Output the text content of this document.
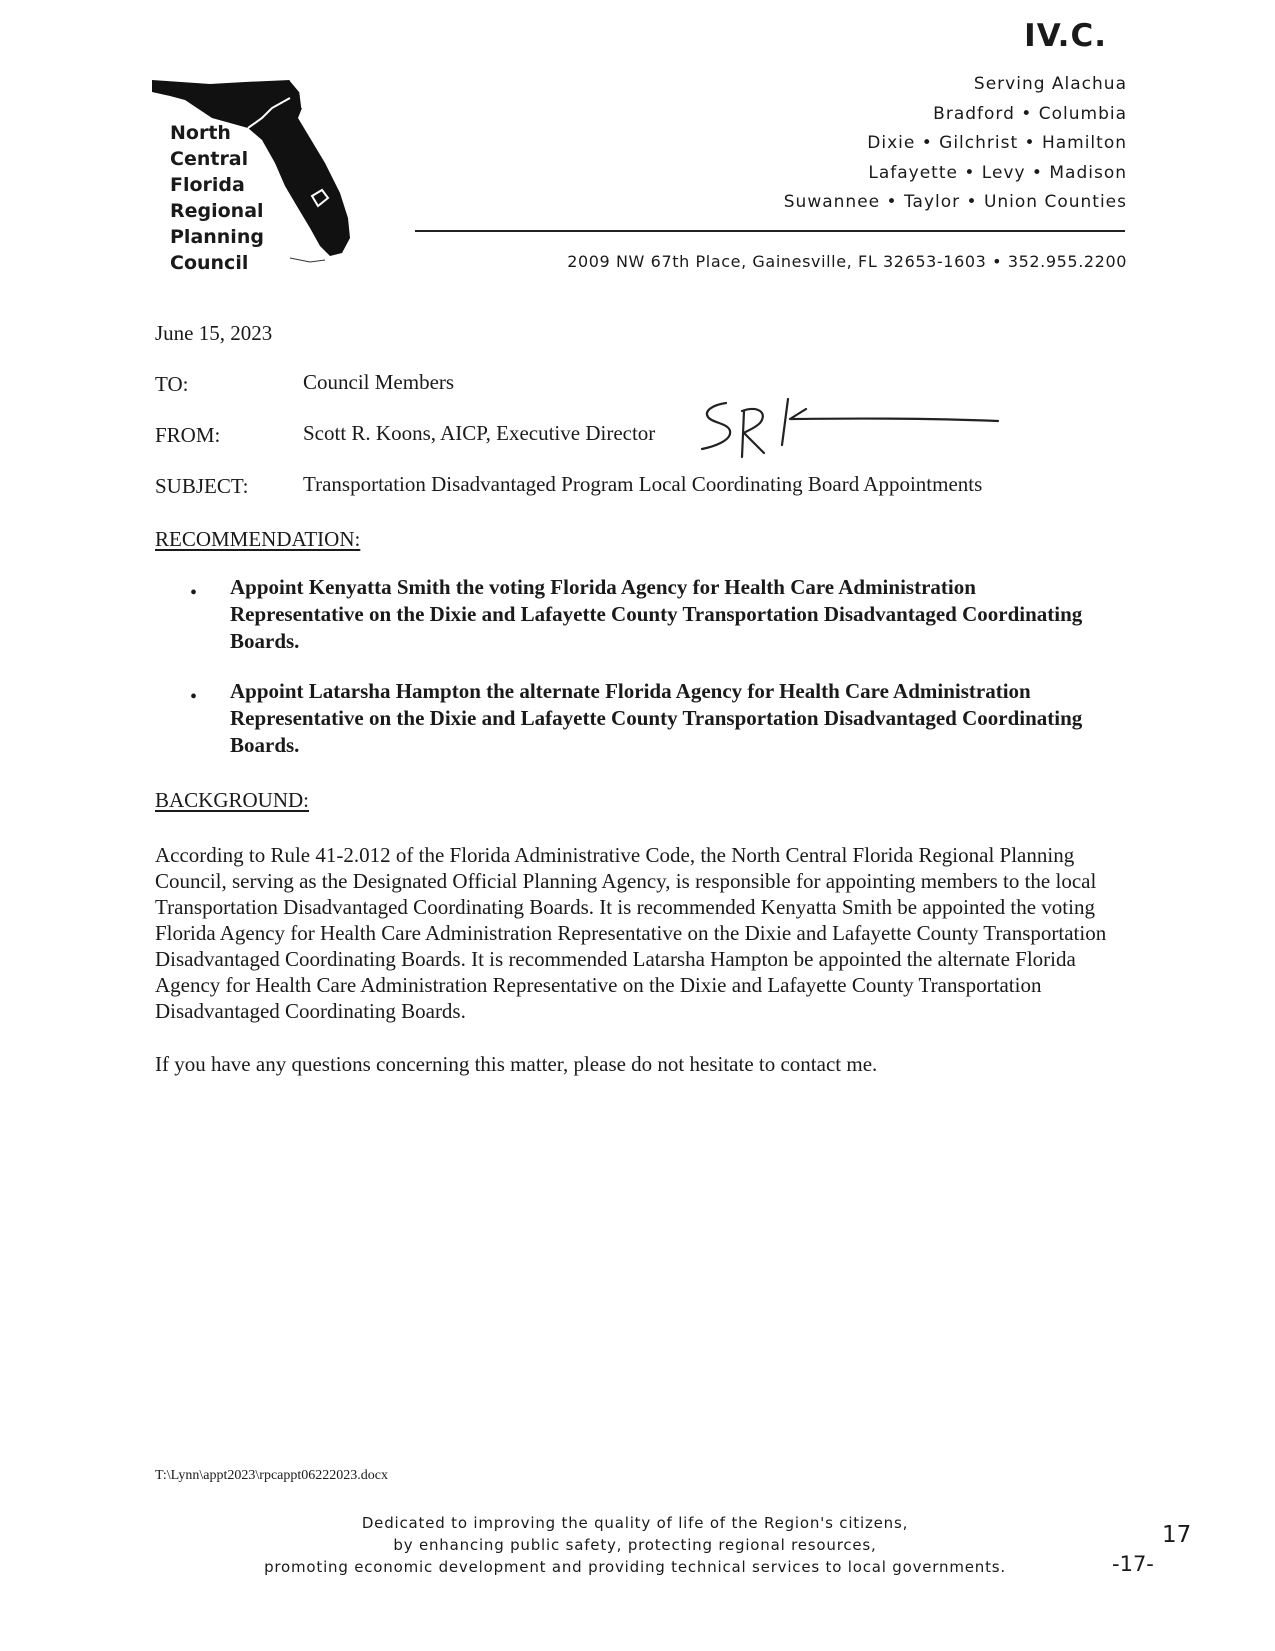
IV.C.
North
Central
Florida
Regional
Planning
Council
Serving Alachua
Bradford • Columbia
Dixie • Gilchrist • Hamilton
Lafayette • Levy • Madison
Suwannee • Taylor • Union Counties
2009 NW 67th Place, Gainesville, FL 32653-1603 • 352.955.2200
June 15, 2023
TO:	Council Members
FROM:	Scott R. Koons, AICP, Executive Director
SUBJECT:	Transportation Disadvantaged Program Local Coordinating Board Appointments
RECOMMENDATION:
• Appoint Kenyatta Smith the voting Florida Agency for Health Care Administration Representative on the Dixie and Lafayette County Transportation Disadvantaged Coordinating Boards.
• Appoint Latarsha Hampton the alternate Florida Agency for Health Care Administration Representative on the Dixie and Lafayette County Transportation Disadvantaged Coordinating Boards.
BACKGROUND:
According to Rule 41-2.012 of the Florida Administrative Code, the North Central Florida Regional Planning Council, serving as the Designated Official Planning Agency, is responsible for appointing members to the local Transportation Disadvantaged Coordinating Boards. It is recommended Kenyatta Smith be appointed the voting Florida Agency for Health Care Administration Representative on the Dixie and Lafayette County Transportation Disadvantaged Coordinating Boards. It is recommended Latarsha Hampton be appointed the alternate Florida Agency for Health Care Administration Representative on the Dixie and Lafayette County Transportation Disadvantaged Coordinating Boards.
If you have any questions concerning this matter, please do not hesitate to contact me.
T:\Lynn\appt2023\rpcappt06222023.docx
Dedicated to improving the quality of life of the Region's citizens,
by enhancing public safety, protecting regional resources,
promoting economic development and providing technical services to local governments.
17
-17-
